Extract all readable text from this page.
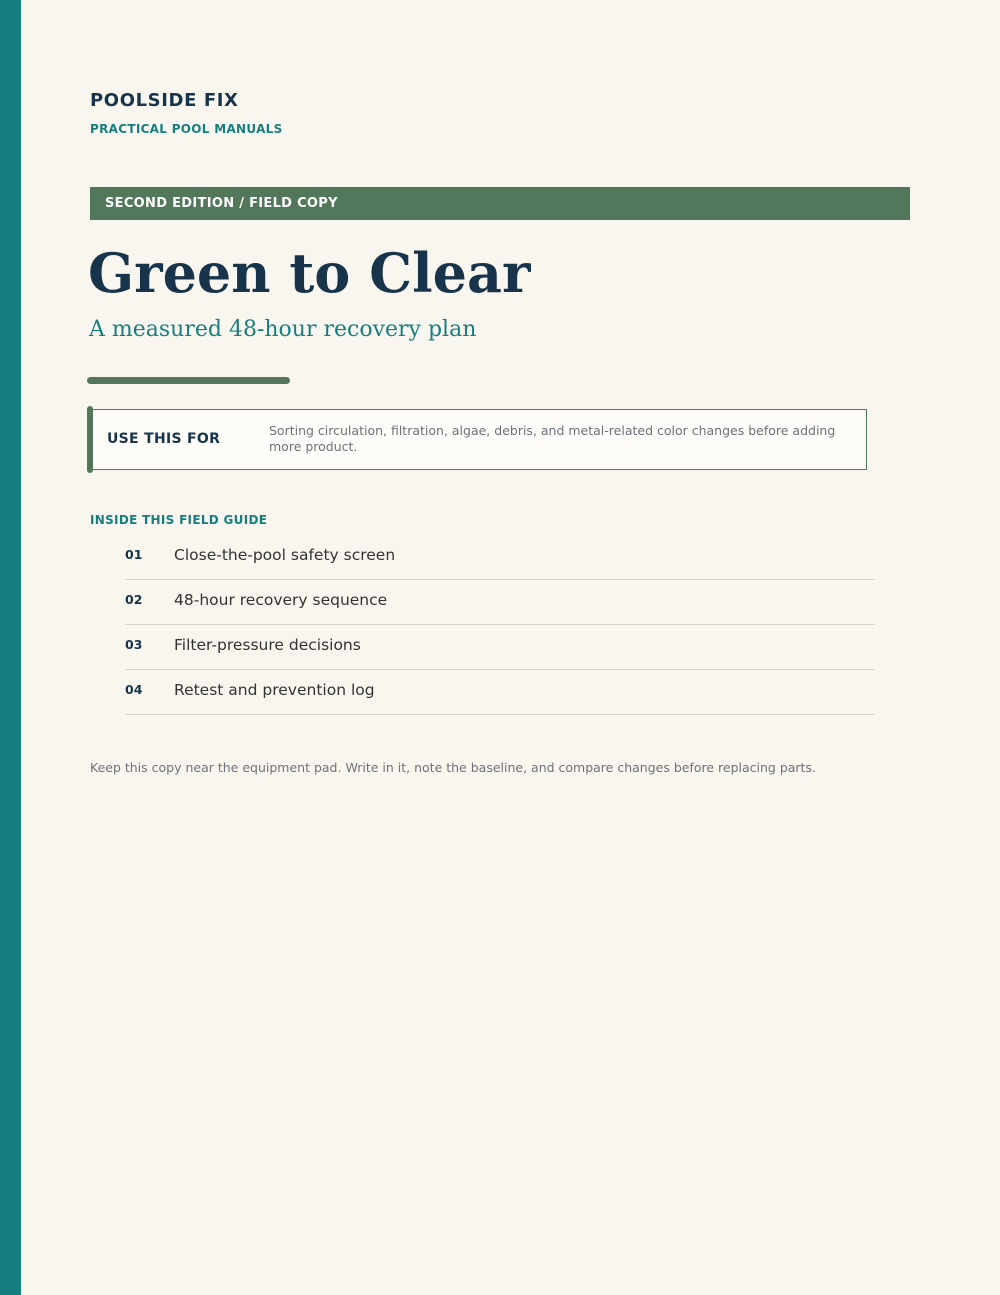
POOLSIDE FIX
PRACTICAL POOL MANUALS
SECOND EDITION / FIELD COPY
Green to Clear
A measured 48-hour recovery plan
USE THIS FOR
Sorting circulation, filtration, algae, debris, and metal-related color changes before adding more product.
INSIDE THIS FIELD GUIDE
01 Close-the-pool safety screen
02 48-hour recovery sequence
03 Filter-pressure decisions
04 Retest and prevention log
Keep this copy near the equipment pad. Write in it, note the baseline, and compare changes before replacing parts.
